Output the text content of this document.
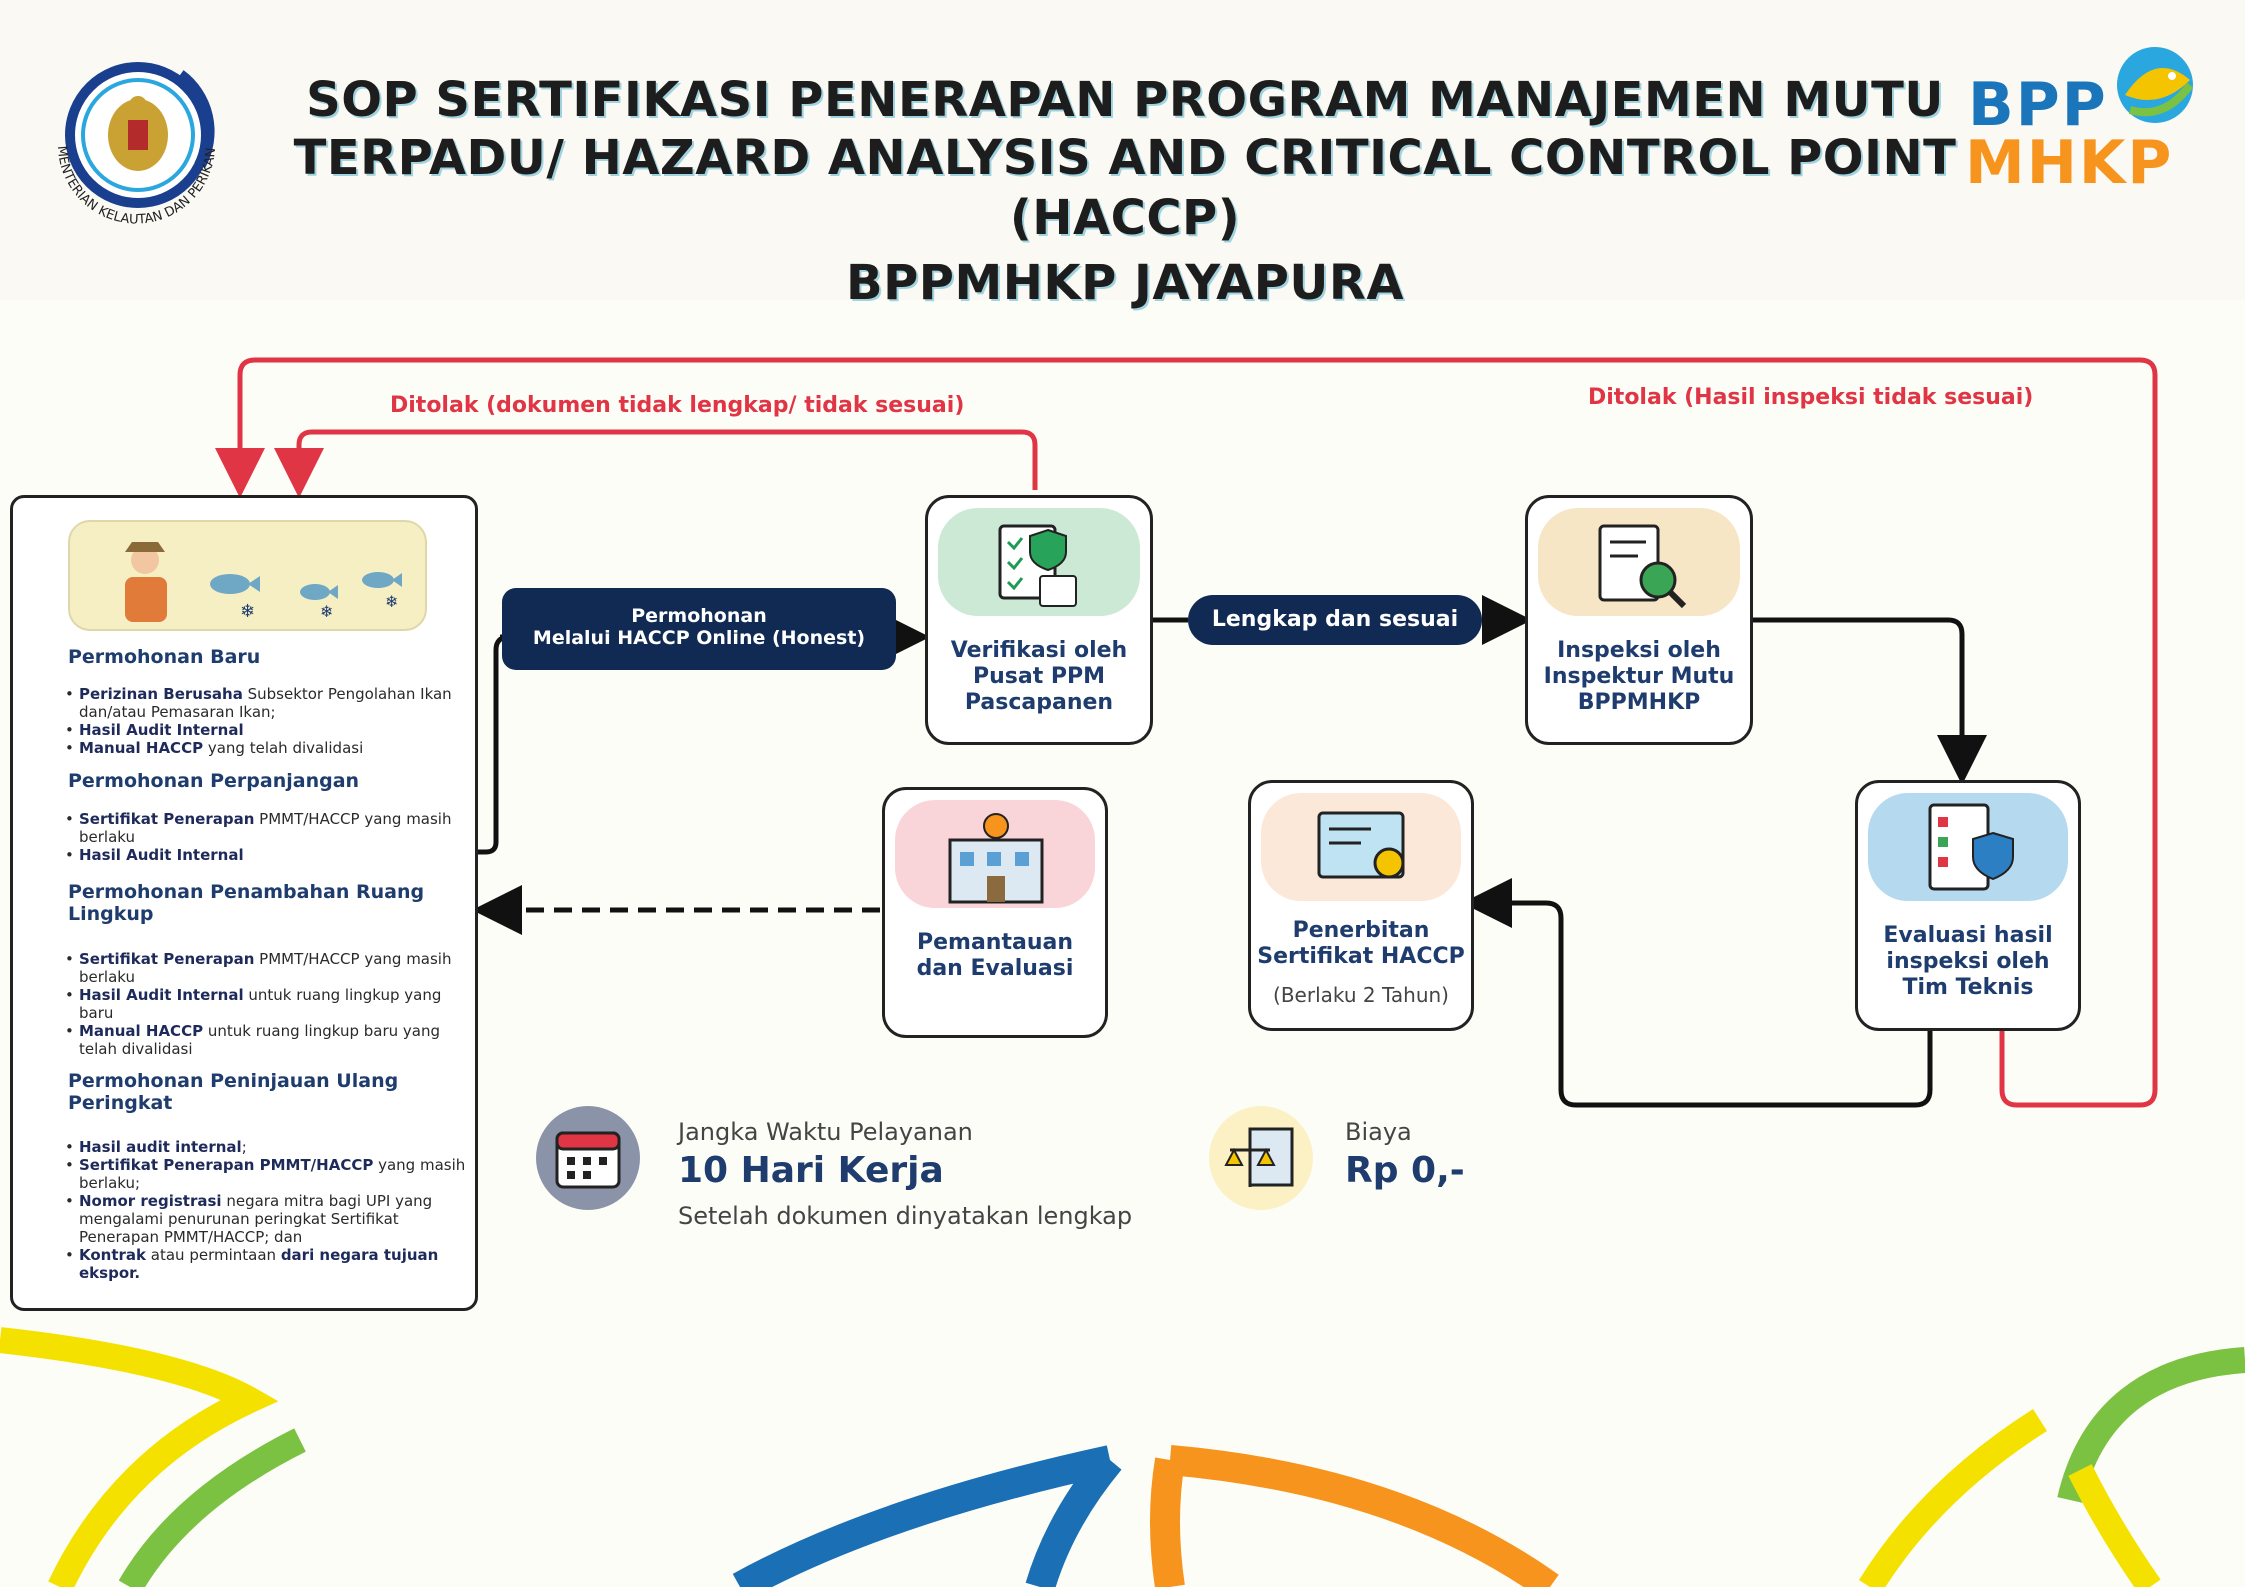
MENTERIAN KELAUTAN DAN PERIKAN
SOP SERTIFIKASI PENERAPAN PROGRAM MANAJEMEN MUTU
TERPADU/ HAZARD ANALYSIS AND CRITICAL CONTROL POINT
(HACCP)
BPPMHKP JAYAPURA
BPP
MHKP
Ditolak (dokumen tidak lengkap/ tidak sesuai)	Ditolak (Hasil inspeksi tidak sesuai)
❄	❄
❄
Permohonan Baru
• Perizinan Berusaha Subsektor Pengolahan Ikan dan/atau Pemasaran Ikan;
• Hasil Audit Internal
• Manual HACCP yang telah divalidasi
Permohonan Perpanjangan
• Sertifikat Penerapan PMMT/HACCP yang masih berlaku
• Hasil Audit Internal
Permohonan Penambahan Ruang Lingkup
• Sertifikat Penerapan PMMT/HACCP yang masih berlaku
• Hasil Audit Internal untuk ruang lingkup yang baru
• Manual HACCP untuk ruang lingkup baru yang telah divalidasi
Permohonan Peninjauan Ulang Peringkat
• Hasil audit internal;
• Sertifikat Penerapan PMMT/HACCP yang masih berlaku;
• Nomor registrasi negara mitra bagi UPI yang mengalami penurunan peringkat Sertifikat Penerapan PMMT/HACCP; dan
• Kontrak atau permintaan dari negara tujuan ekspor.
Permohonan
Melalui HACCP Online (Honest)	Verifikasi oleh
Pusat PPM
Pascapanen
Lengkap dan sesuai
Inspeksi oleh
Inspektur Mutu
BPPMHKP
Evaluasi hasil
inspeksi oleh
Tim Teknis
Penerbitan
Sertifikat HACCP
(Berlaku 2 Tahun)
Pemantauan
dan Evaluasi
Jangka Waktu Pelayanan
10 Hari Kerja
Setelah dokumen dinyatakan lengkap
Biaya
Rp 0,-
